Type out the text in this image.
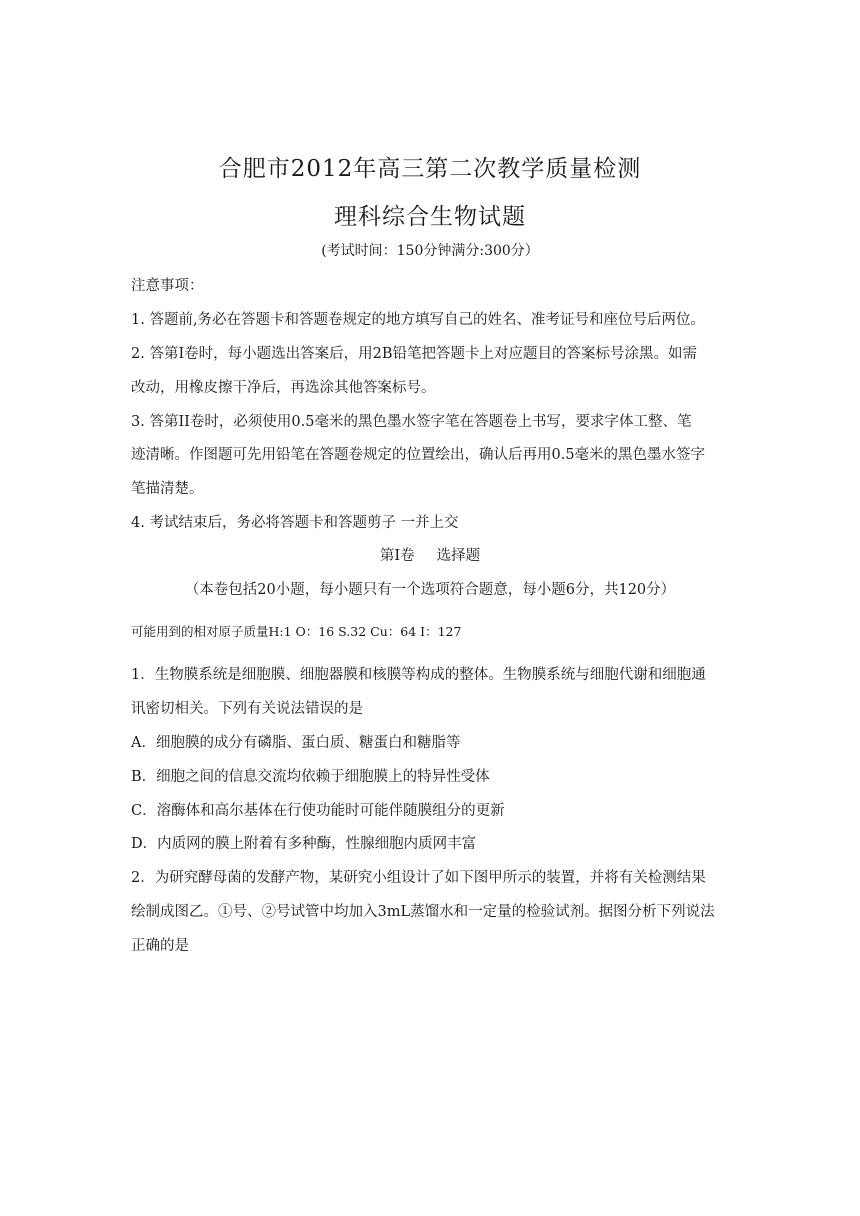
合肥市2012年高三第二次教学质量检测
理科综合生物试题
(考试时间：150分钟满分:300分）
注意事项：
1. 答题前,务必在答题卡和答题卷规定的地方填写自己的姓名、准考证号和座位号后两位。
2. 答第I卷时，每小题选出答案后，用2B铅笔把答题卡上对应题目的答案标号涂黑。如需
改动，用橡皮擦干净后，再选涂其他答案标号。
3. 答第II卷时，必须使用0.5毫米的黑色墨水签字笔在答题卷上书写，要求字体工整、笔
迹清晰。作图题可先用铅笔在答题卷规定的位置绘出，确认后再用0.5毫米的黑色墨水签字
笔描清楚。
4. 考试结束后，务必将答题卡和答题剪子 一并上交
第I卷 选择题
（本卷包括20小题，每小题只有一个选项符合题意，每小题6分，共120分）
可能用到的相对原子质量H:1 O：16 S.32 Cu：64 I：127
1．生物膜系统是细胞膜、细胞器膜和核膜等构成的整体。生物膜系统与细胞代谢和细胞通
讯密切相关。下列有关说法错误的是
A．细胞膜的成分有磷脂、蛋白质、糖蛋白和糖脂等
B．细胞之间的信息交流均依赖于细胞膜上的特异性受体
C．溶酶体和高尔基体在行使功能时可能伴随膜组分的更新
D．内质网的膜上附着有多种酶，性腺细胞内质网丰富
2．为研究酵母菌的发酵产物，某研究小组设计了如下图甲所示的装置，并将有关检测结果
绘制成图乙。①号、②号试管中均加入3mL蒸馏水和一定量的检验试剂。据图分析下列说法
正确的是
